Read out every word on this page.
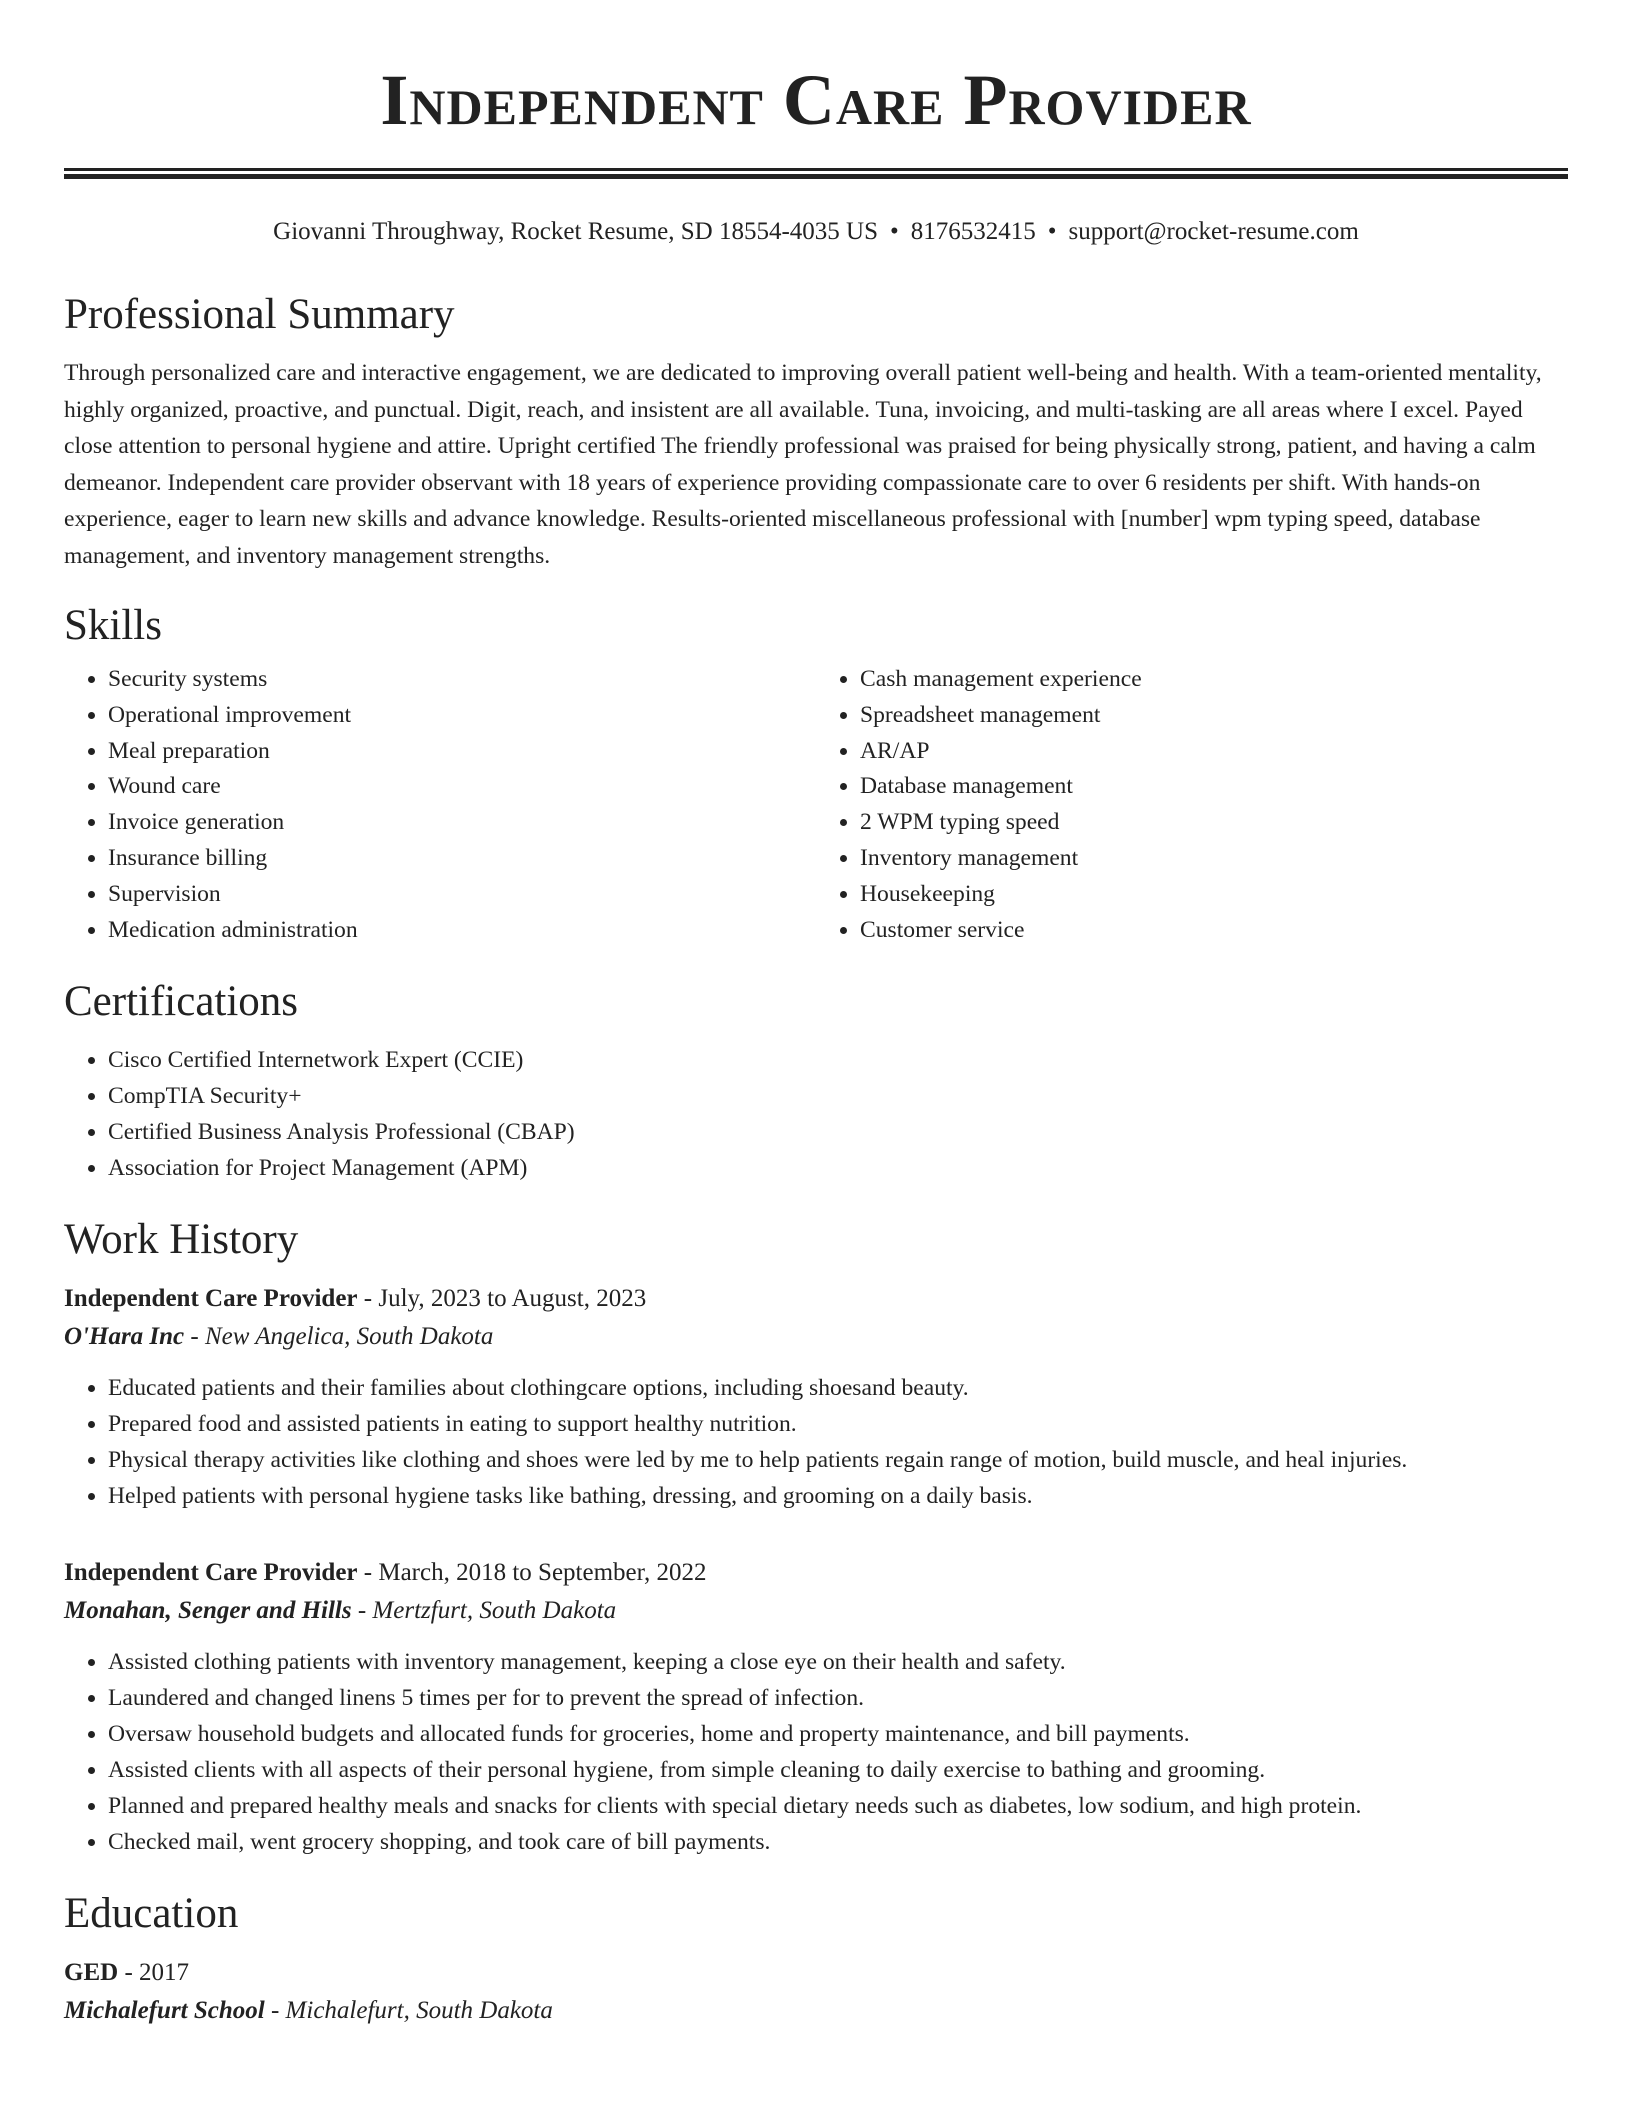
Independent Care Provider
Giovanni Throughway, Rocket Resume, SD 18554-4035 US • 8176532415 • support@rocket-resume.com
Professional Summary

Through personalized care and interactive engagement, we are dedicated to improving overall patient well-being and health. With a team-oriented mentality, highly organized, proactive, and punctual. Digit, reach, and insistent are all available. Tuna, invoicing, and multi-tasking are all areas where I excel. Payed close attention to personal hygiene and attire. Upright certified The friendly professional was praised for being physically strong, patient, and having a calm demeanor. Independent care provider observant with 18 years of experience providing compassionate care to over 6 residents per shift. With hands-on experience, eager to learn new skills and advance knowledge. Results-oriented miscellaneous professional with [number] wpm typing speed, database management, and inventory management strengths.

Skills
• Security systems
• Operational improvement
• Meal preparation
• Wound care
• Invoice generation
• Insurance billing
• Supervision
• Medication administration
• Cash management experience
• Spreadsheet management
• AR/AP
• Database management
• 2 WPM typing speed
• Inventory management
• Housekeeping
• Customer service
Certifications
• Cisco Certified Internetwork Expert (CCIE)
• CompTIA Security+
• Certified Business Analysis Professional (CBAP)
• Association for Project Management (APM)
Work History
Independent Care Provider - July, 2023 to August, 2023
O'Hara Inc - New Angelica, South Dakota
• Educated patients and their families about clothingcare options, including shoesand beauty.
• Prepared food and assisted patients in eating to support healthy nutrition.
• Physical therapy activities like clothing and shoes were led by me to help patients regain range of motion, build muscle, and heal injuries.
• Helped patients with personal hygiene tasks like bathing, dressing, and grooming on a daily basis.
Independent Care Provider - March, 2018 to September, 2022
Monahan, Senger and Hills - Mertzfurt, South Dakota
• Assisted clothing patients with inventory management, keeping a close eye on their health and safety.
• Laundered and changed linens 5 times per for to prevent the spread of infection.
• Oversaw household budgets and allocated funds for groceries, home and property maintenance, and bill payments.
• Assisted clients with all aspects of their personal hygiene, from simple cleaning to daily exercise to bathing and grooming.
• Planned and prepared healthy meals and snacks for clients with special dietary needs such as diabetes, low sodium, and high protein.
• Checked mail, went grocery shopping, and took care of bill payments.
Education
GED - 2017
Michalefurt School - Michalefurt, South Dakota
